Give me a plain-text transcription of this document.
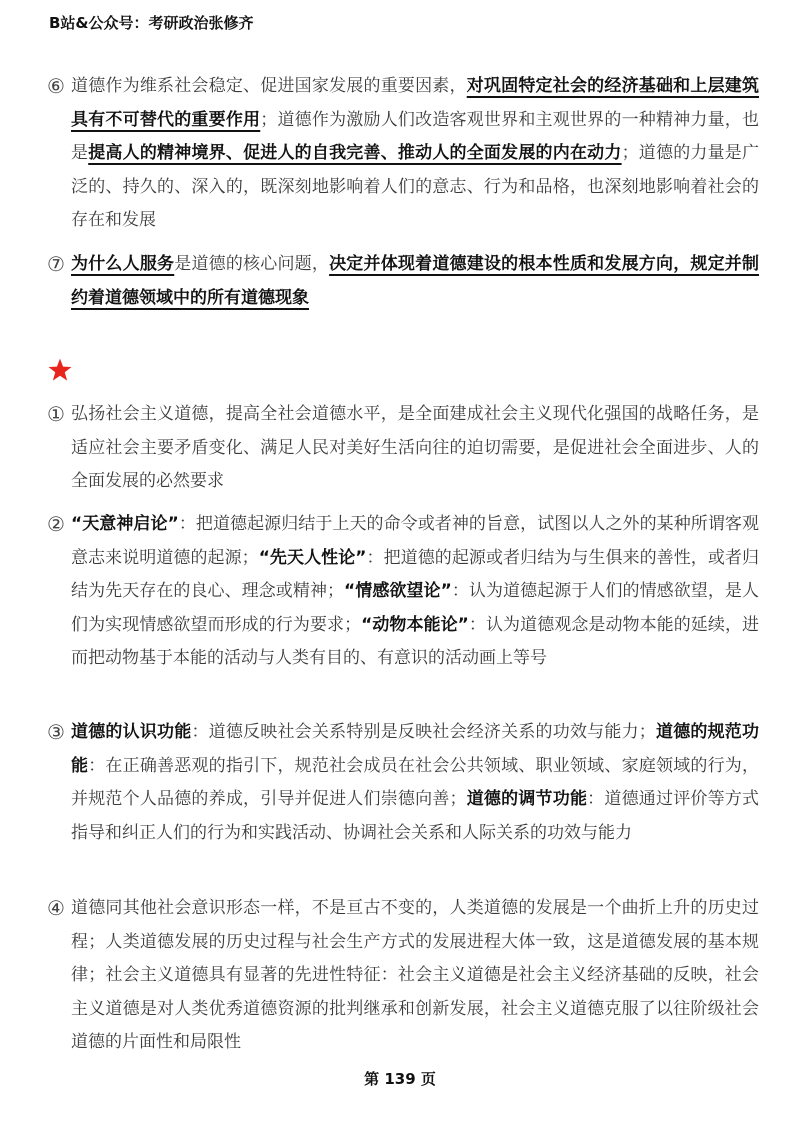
B站&公众号：考研政治张修齐
⑥ 道德作为维系社会稳定、促进国家发展的重要因素，对巩固特定社会的经济基础和上层建筑具有不可替代的重要作用；道德作为激励人们改造客观世界和主观世界的一种精神力量，也是提高人的精神境界、促进人的自我完善、推动人的全面发展的内在动力；道德的力量是广泛的、持久的、深入的，既深刻地影响着人们的意志、行为和品格，也深刻地影响着社会的存在和发展
⑦ 为什么人服务是道德的核心问题，决定并体现着道德建设的根本性质和发展方向，规定并制约着道德领域中的所有道德现象
① 弘扬社会主义道德，提高全社会道德水平，是全面建成社会主义现代化强国的战略任务，是适应社会主要矛盾变化、满足人民对美好生活向往的迫切需要，是促进社会全面进步、人的全面发展的必然要求
② “天意神启论”：把道德起源归结于上天的命令或者神的旨意，试图以人之外的某种所谓客观意志来说明道德的起源；“先天人性论”：把道德的起源或者归结为与生俱来的善性，或者归结为先天存在的良心、理念或精神；“情感欲望论”：认为道德起源于人们的情感欲望，是人们为实现情感欲望而形成的行为要求；“动物本能论”：认为道德观念是动物本能的延续，进而把动物基于本能的活动与人类有目的、有意识的活动画上等号
③ 道德的认识功能：道德反映社会关系特别是反映社会经济关系的功效与能力；道德的规范功能：在正确善恶观的指引下，规范社会成员在社会公共领域、职业领域、家庭领域的行为，并规范个人品德的养成，引导并促进人们崇德向善；道德的调节功能：道德通过评价等方式指导和纠正人们的行为和实践活动、协调社会关系和人际关系的功效与能力
④ 道德同其他社会意识形态一样，不是亘古不变的，人类道德的发展是一个曲折上升的历史过程；人类道德发展的历史过程与社会生产方式的发展进程大体一致，这是道德发展的基本规律；社会主义道德具有显著的先进性特征：社会主义道德是社会主义经济基础的反映，社会主义道德是对人类优秀道德资源的批判继承和创新发展，社会主义道德克服了以往阶级社会道德的片面性和局限性
第 139 页
